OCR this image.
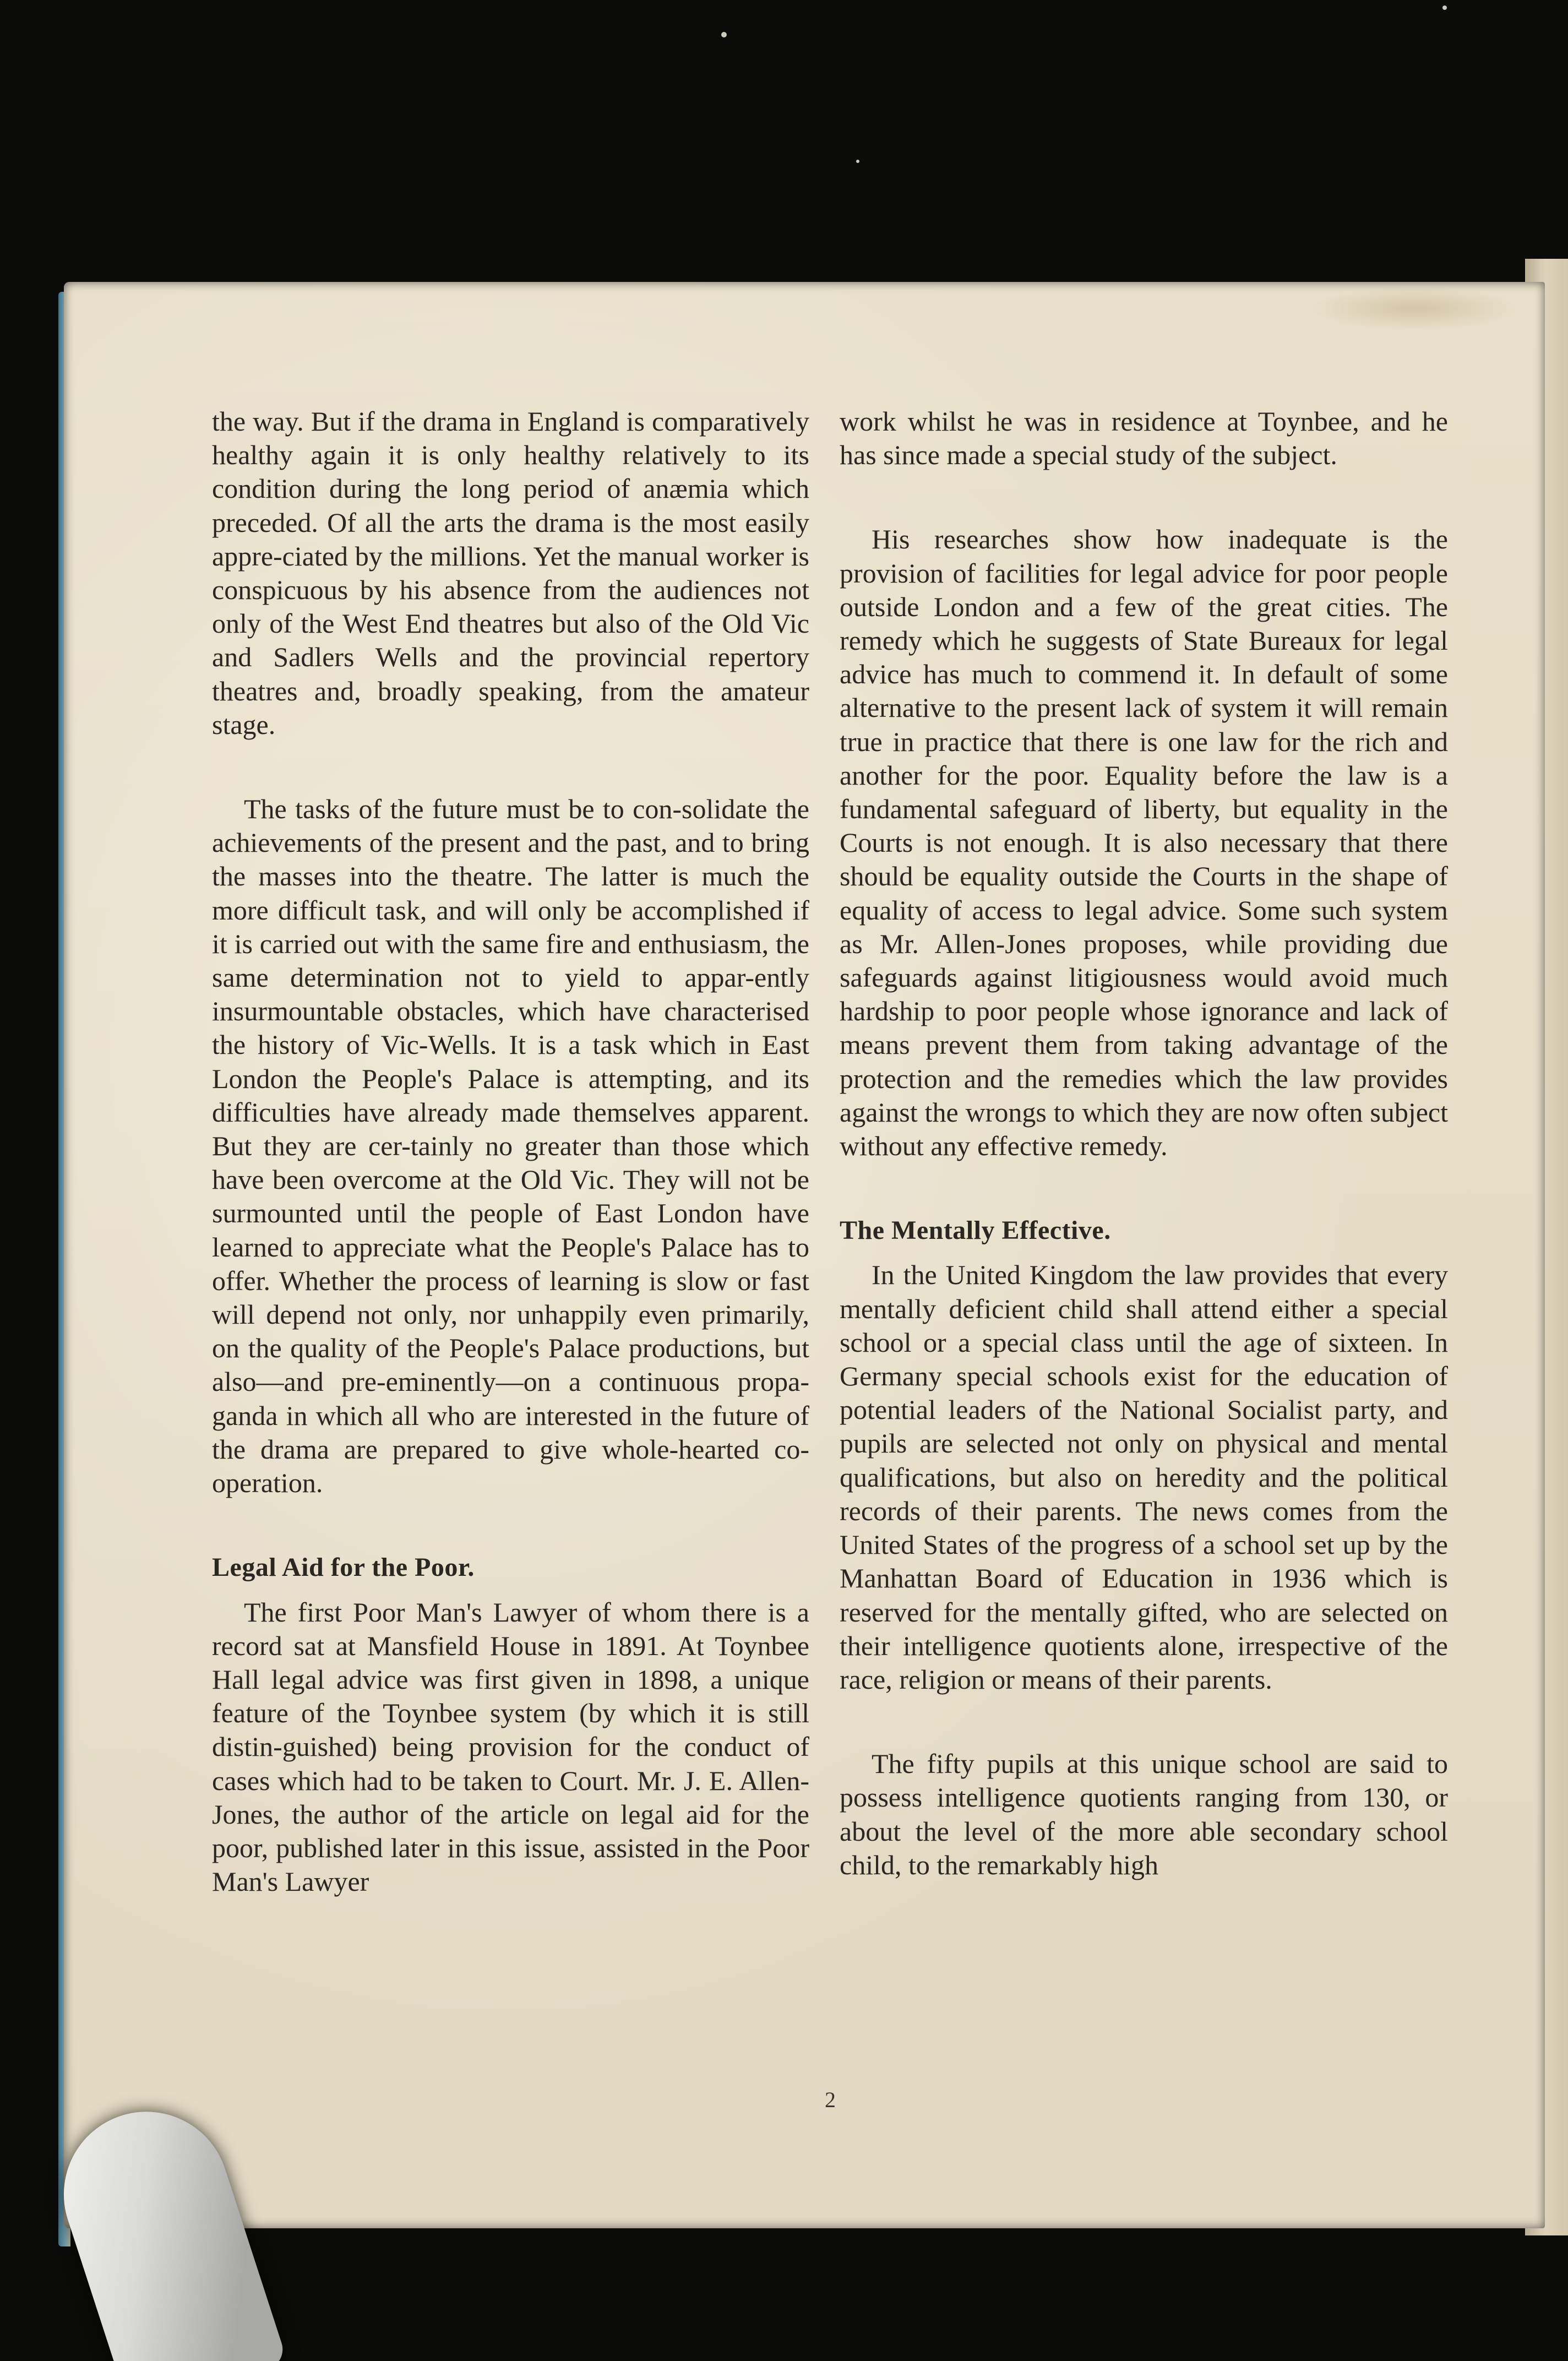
the way. But if the drama in England is comparatively healthy again it is only healthy relatively to its condition during the long period of anæmia which preceded. Of all the arts the drama is the most easily appre-ciated by the millions. Yet the manual worker is conspicuous by his absence from the audiences not only of the West End theatres but also of the Old Vic and Sadlers Wells and the provincial repertory theatres and, broadly speaking, from the amateur stage.

The tasks of the future must be to con-solidate the achievements of the present and the past, and to bring the masses into the theatre. The latter is much the more difficult task, and will only be accomplished if it is carried out with the same fire and enthusiasm, the same determination not to yield to appar-ently insurmountable obstacles, which have characterised the history of Vic-Wells. It is a task which in East London the People's Palace is attempting, and its difficulties have already made themselves apparent. But they are cer-tainly no greater than those which have been overcome at the Old Vic. They will not be surmounted until the people of East London have learned to appreciate what the People's Palace has to offer. Whether the process of learning is slow or fast will depend not only, nor unhappily even primarily, on the quality of the People's Palace productions, but also—and pre-eminently—on a continuous propa-ganda in which all who are interested in the future of the drama are prepared to give whole-hearted co-operation.

Legal Aid for the Poor.

The first Poor Man's Lawyer of whom there is a record sat at Mansfield House in 1891. At Toynbee Hall legal advice was first given in 1898, a unique feature of the Toynbee system (by which it is still distin-guished) being provision for the conduct of cases which had to be taken to Court. Mr. J. E. Allen-Jones, the author of the article on legal aid for the poor, published later in this issue, assisted in the Poor Man's Lawyer

work whilst he was in residence at Toynbee, and he has since made a special study of the subject.

His researches show how inadequate is the provision of facilities for legal advice for poor people outside London and a few of the great cities. The remedy which he suggests of State Bureaux for legal advice has much to commend it. In default of some alternative to the present lack of system it will remain true in practice that there is one law for the rich and another for the poor. Equality before the law is a fundamental safeguard of liberty, but equality in the Courts is not enough. It is also necessary that there should be equality outside the Courts in the shape of equality of access to legal advice. Some such system as Mr. Allen-Jones proposes, while providing due safeguards against litigiousness would avoid much hardship to poor people whose ignorance and lack of means prevent them from taking advantage of the protection and the remedies which the law provides against the wrongs to which they are now often subject without any effective remedy.

The Mentally Effective.

In the United Kingdom the law provides that every mentally deficient child shall attend either a special school or a special class until the age of sixteen. In Germany special schools exist for the education of potential leaders of the National Socialist party, and pupils are selected not only on physical and mental qualifications, but also on heredity and the political records of their parents. The news comes from the United States of the progress of a school set up by the Manhattan Board of Education in 1936 which is reserved for the mentally gifted, who are selected on their intelligence quotients alone, irrespective of the race, religion or means of their parents.

The fifty pupils at this unique school are said to possess intelligence quotients ranging from 130, or about the level of the more able secondary school child, to the remarkably high

2
